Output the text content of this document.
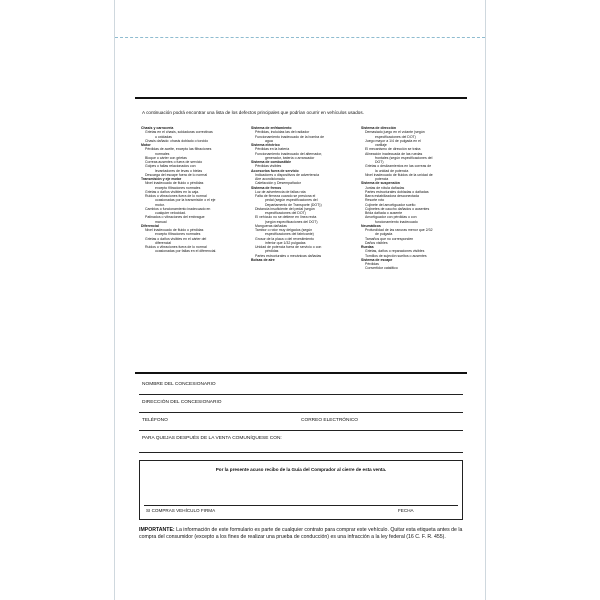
A continuación podrá encontrar una lista de los defectos principales que podrían ocurrir en vehículos usados.
Chasis y carrocería
Grietas en el chasis, soldaduras correctivas
u oxidadas
Chasis dañado: chasis doblado o torcido
Motor
Pérdidas de aceite, excepto las filtraciones
normales
Bloque o cárter con grietas
Correas ausentes o fuera de servicio
Golpes o fallas relacionados con
levantadores de levas o bielas
Descarga del escape fuera de lo normal
Transmisión y eje motor
Nivel inadecuado de fluido o pérdidas
excepto filtraciones normales
Grietas o daños visibles en la caja.
Ruidos o vibraciones fuera de lo normal
ocasionadas por la transmisión o el eje
motor.
Cambios o funcionamiento inadecuado en
cualquier velocidad.
Patinados o vibraciones del embrague
manual
Diferencial
Nivel inadecuado de fluido o pérdidas
excepto filtraciones normales
Grietas o daños visibles en el cárter del
diferencial
Ruidos o vibraciones fuera de lo normal
ocasionadas por fallas en el diferencial.
Sistema de enfriamiento
Pérdidas, incluidas las del radiador
Funcionamiento inadecuado de la bomba de
agua
Sistema eléctrico
Pérdidas en la batería
Funcionamiento inadecuado del alternador,
generador, batería o arrancador
Sistema de combustible
Pérdidas visibles
Accesorios fuera de servicio
Indicadores o dispositivos de advertencia
Aire acondicionado
Calefacción y Desempañador
Sistema de frenos
Luz de advertencia de fallas rota
Falta de firmeza cuando se presiona el
pedal (según especificaciones del
Departamento de Transporte (DOT))
Distancia insuficiente del pedal (según
especificaciones del DOT)
El vehículo no se detiene en línea recta
(según especificaciones del DOT)
Mangueras dañadas
Tambor o rotor muy delgados (según
especificaciones del fabricante)
Grosor de la placa o del revestimiento
inferior que 1/32 pulgadas
Unidad de potencia fuera de servicio o con
pérdidas
Partes estructurales o mecánicas dañadas
Bolsas de aire
Sistema de dirección
Demasiado juego en el volante (según
especificaciones del DOT)
Juego mayor a 1/4 de pulgada en el
varillaje
El mecanismo de dirección se traba
Alineación inadecuada de las ruedas
frontales (según especificaciones del
DOT)
Grietas o deslizamientos en las correas de
la unidad de potencia
Nivel inadecuado de fluidos de la unidad de
potencia
Sistema de suspensión
Juntas de rótula dañadas
Partes estructurales dobladas o dañadas
Barra estabilizadora desconectada
Resorte roto
Cojinete del amortiguador suelto
Cojinetes de caucho dañados o ausentes
Brida dañada o ausente
Amortiguador con pérdidas o con
funcionamiento inadecuado
Neumáticos
Profundidad de las ranuras menor que 2/32
de pulgada
Tamaños que no corresponden
Daños visibles
Ruedas
Grietas, daños o reparaciones visibles
Tornillos de sujeción sueltos o ausentes
Sistema de escape
Pérdidas
Convertidor catalítico
NOMBRE DEL CONCESIONARIO
DIRECCIÓN DEL CONCESIONARIO
TELÉFONO	CORREO ELECTRÓNICO
PARA QUEJAS DESPUÉS DE LA VENTA COMUNÍQUESE CON:
Por la presente acuso recibo de la Guía del Comprador al cierre de esta venta.
SI COMPRAS VEHÍCULO FIRMA	FECHA
IMPORTANTE: La información de este formulario es parte de cualquier contrato para comprar este vehículo. Quitar esta etiqueta antes de la compra del consumidor (excepto a los fines de realizar una prueba de conducción) es una infracción a la ley federal (16 C. F. R. 455).
